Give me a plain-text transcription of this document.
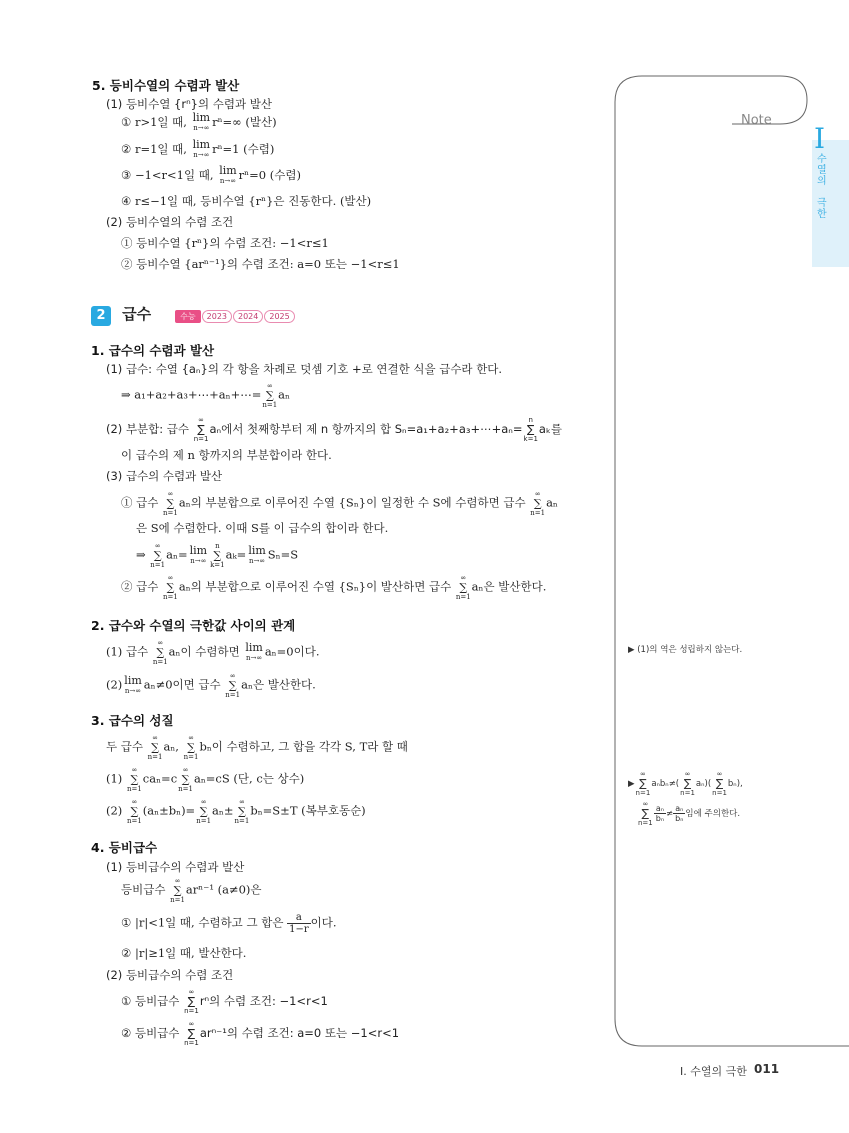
Note
I
수
열
의

극
한
5. 등비수열의 수렴과 발산
(1) 등비수열 {rⁿ}의 수렴과 발산
① r>1일 때, lim
n→∞ rⁿ=∞ (발산)
② r=1일 때, lim
n→∞ rⁿ=1 (수렴)
③ −1<r<1일 때, lim
n→∞ rⁿ=0 (수렴)
④ r≤−1일 때, 등비수열 {rⁿ}은 진동한다. (발산)
(2) 등비수열의 수렴 조건
① 등비수열 {rⁿ}의 수렴 조건: −1<r≤1
② 등비수열 {arⁿ⁻¹}의 수렴 조건: a=0 또는 −1<r≤1
2 급수	수능 2023 2024 2025
1. 급수의 수렴과 발산
(1) 급수: 수열 {aₙ}의 각 항을 차례로 덧셈 기호 +로 연결한 식을 급수라 한다.
⇒ a₁+a₂+a₃+⋯+aₙ+⋯=
∞
∑
n=1
aₙ
(2) 부분합: 급수
∞
∑
n=1
aₙ에서 첫째항부터 제 n 항까지의 합 Sₙ=a₁+a₂+a₃+⋯+aₙ=
n
∑
k=1
aₖ를
이 급수의 제 n 항까지의 부분합이라 한다.
(3) 급수의 수렴과 발산
① 급수
∞
∑
n=1
aₙ의 부분합으로 이루어진 수열 {Sₙ}이 일정한 수 S에 수렴하면 급수
∞
∑
n=1
aₙ
은 S에 수렴한다. 이때 S를 이 급수의 합이라 한다.
⇒
∞
∑
n=1
aₙ= lim
n→∞
n
∑
k=1
aₖ= lim
n→∞ Sₙ=S
② 급수
∞
∑
n=1
aₙ의 부분합으로 이루어진 수열 {Sₙ}이 발산하면 급수
∞
∑
n=1
aₙ은 발산한다.
2. 급수와 수열의 극한값 사이의 관계
(1) 급수
∞
∑
n=1
aₙ이 수렴하면 lim
n→∞ aₙ=0이다.
(2) lim
n→∞ aₙ≠0이면 급수
∞
∑
n=1
aₙ은 발산한다.
3. 급수의 성질
두 급수
∞
∑
n=1
aₙ,
∞
∑
n=1
bₙ이 수렴하고, 그 합을 각각 S, T라 할 때
(1)
∞
∑
n=1
caₙ=c
∞
∑
n=1
aₙ=cS (단, c는 상수)
(2)
∞
∑
n=1
(aₙ±bₙ)=
∞
∑
n=1
aₙ±
∞
∑
n=1
bₙ=S±T (복부호동순)
4. 등비급수
(1) 등비급수의 수렴과 발산
등비급수
∞
∑
n=1
arⁿ⁻¹ (a≠0)은
① |r|<1일 때, 수렴하고 그 합은 $\frac{a}{1-r}$ 이다.
② |r|≥1일 때, 발산한다.
(2) 등비급수의 수렴 조건
① 등비급수
∞
∑
n=1
rⁿ의 수렴 조건: −1<r<1
② 등비급수
∞
∑
n=1
arⁿ⁻¹의 수렴 조건: a=0 또는 −1<r<1
▶ (1)의 역은 성립하지 않는다.
▶
∞
∑
n=1
aₙbₙ≠(
∞
∑
n=1
aₙ)(
∞
∑
n=1
bₙ),
∞
∑
$n=1 \frac{\text{aₙ}}{\text{bₙ}} \ne \frac{\text{aₙ}}{\text{bₙ}}$ 임에 주의한다.
I. 수열의 극한 011
